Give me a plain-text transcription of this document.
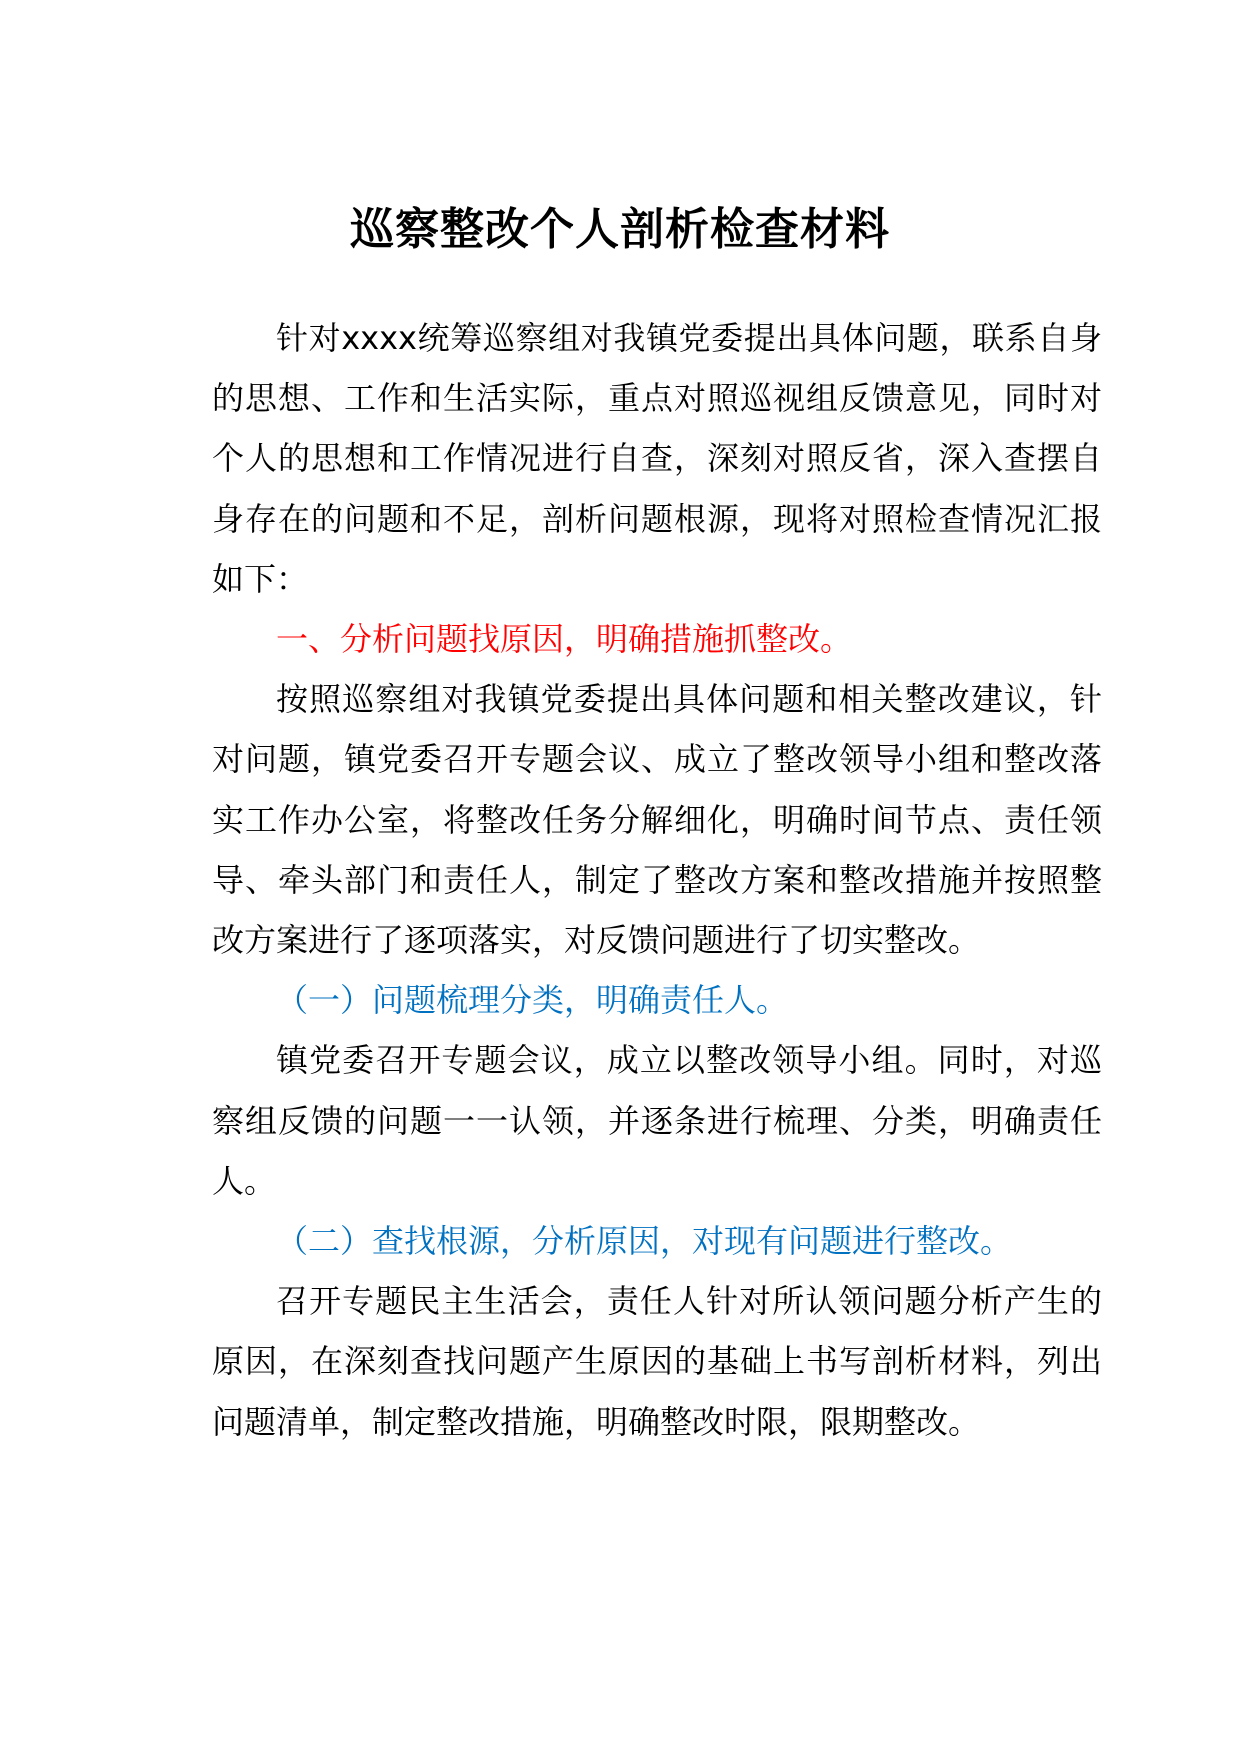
巡察整改个人剖析检查材料

针对xxxx统筹巡察组对我镇党委提出具体问题，联系自身的思想、工作和生活实际，重点对照巡视组反馈意见，同时对个人的思想和工作情况进行自查，深刻对照反省，深入查摆自身存在的问题和不足，剖析问题根源，现将对照检查情况汇报如下：

一、分析问题找原因，明确措施抓整改。

按照巡察组对我镇党委提出具体问题和相关整改建议，针对问题，镇党委召开专题会议、成立了整改领导小组和整改落实工作办公室，将整改任务分解细化，明确时间节点、责任领导、牵头部门和责任人，制定了整改方案和整改措施并按照整改方案进行了逐项落实，对反馈问题进行了切实整改。

（一）问题梳理分类，明确责任人。

镇党委召开专题会议，成立以整改领导小组。同时，对巡察组反馈的问题一一认领，并逐条进行梳理、分类，明确责任人。

（二）查找根源，分析原因，对现有问题进行整改。

召开专题民主生活会，责任人针对所认领问题分析产生的原因，在深刻查找问题产生原因的基础上书写剖析材料，列出问题清单，制定整改措施，明确整改时限，限期整改。
